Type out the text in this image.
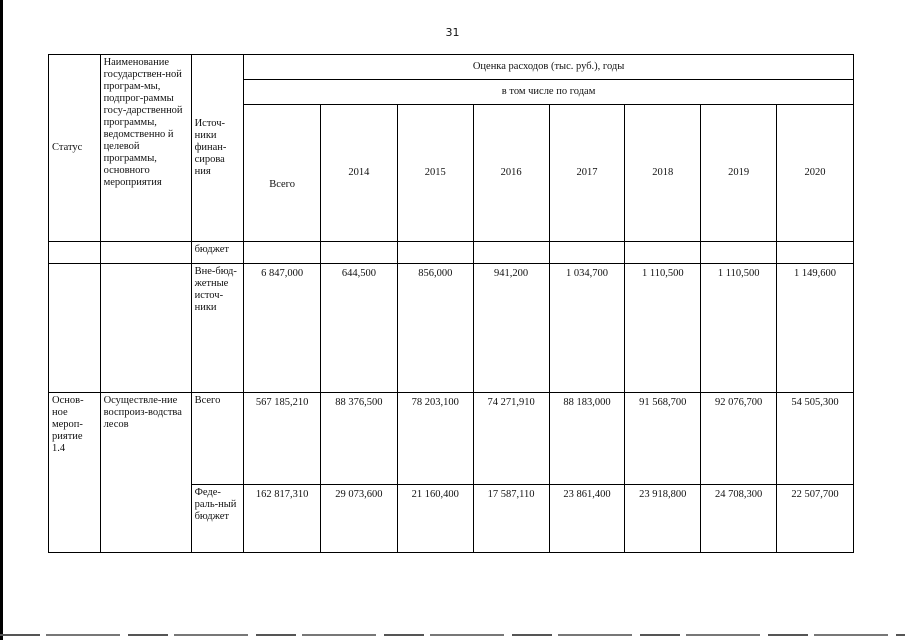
31
Статус	Наименование государствен-ной програм-мы, подпрог-раммы госу-дарственной программы, ведомственно й целевой программы, основного мероприятия	Источ-ники финан-сирова ния	Оценка расходов (тыс. руб.), годы							
			в том числе по годам							
			Всего	2014	2015	2016	2017	2018	2019	2020
		бюджет								
		Вне-бюд-жетные источ-ники	6 847,000	644,500	856,000	941,200	1 034,700	1 110,500	1 110,500	1 149,600
Основ-ное мероп-риятие 1.4	Осуществле-ние воспроиз-водства лесов	Всего	567 185,210	88 376,500	78 203,100	74 271,910	88 183,000	91 568,700	92 076,700	54 505,300
		Феде-раль-ный бюджет	162 817,310	29 073,600	21 160,400	17 587,110	23 861,400	23 918,800	24 708,300	22 507,700
